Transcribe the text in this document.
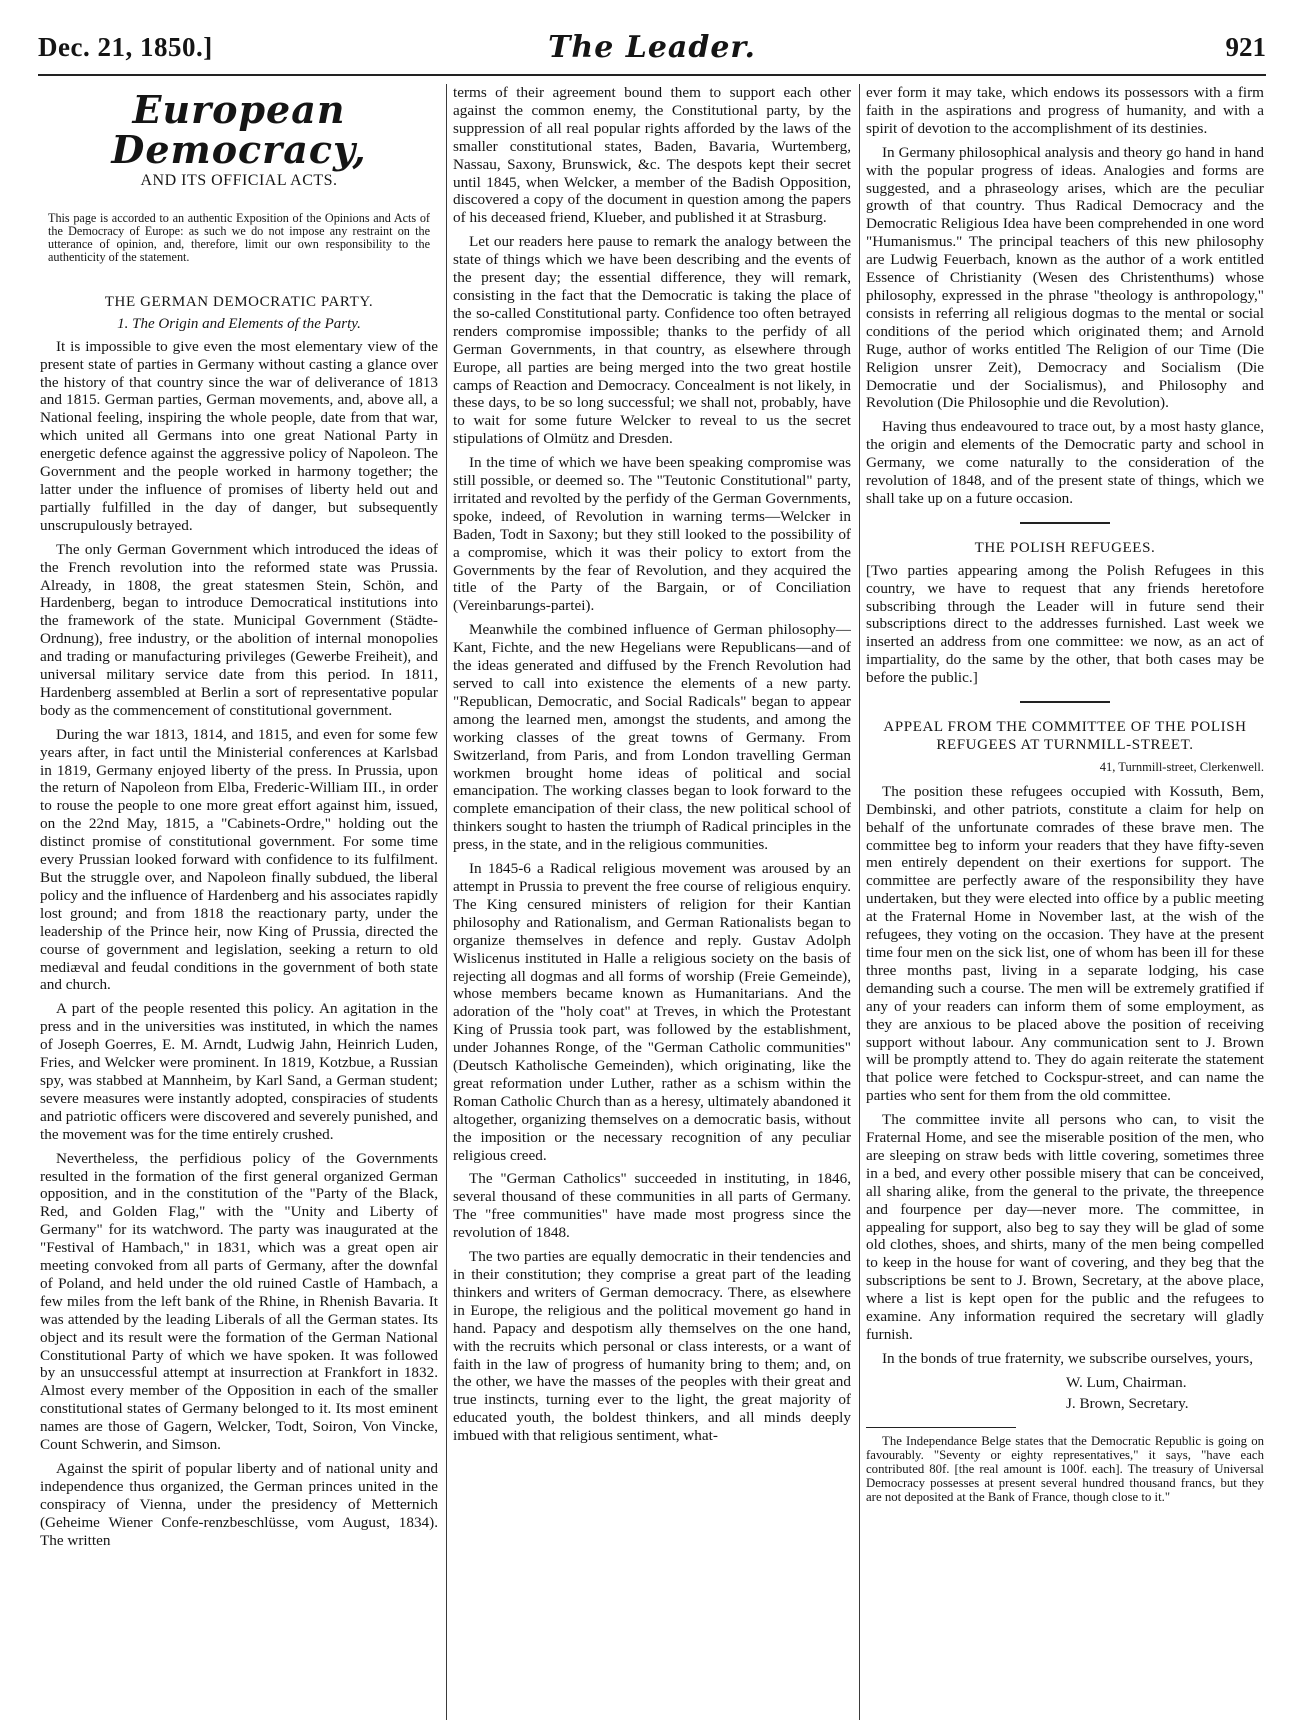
Dec. 21, 1850.]	The Leader.	921
European Democracy,
AND ITS OFFICIAL ACTS.

This page is accorded to an authentic Exposition of the Opinions and Acts of the Democracy of Europe: as such we do not impose any restraint on the utterance of opinion, and, therefore, limit our own responsibility to the authenticity of the statement.

THE GERMAN DEMOCRATIC PARTY.
1. The Origin and Elements of the Party.

It is impossible to give even the most elementary view of the present state of parties in Germany without casting a glance over the history of that country since the war of deliverance of 1813 and 1815. German parties, German movements, and, above all, a National feeling, inspiring the whole people, date from that war, which united all Germans into one great National Party in energetic defence against the aggressive policy of Napoleon. The Government and the people worked in harmony together; the latter under the influence of promises of liberty held out and partially fulfilled in the day of danger, but subsequently unscrupulously betrayed.

The only German Government which introduced the ideas of the French revolution into the reformed state was Prussia. Already, in 1808, the great statesmen Stein, Schön, and Hardenberg, began to introduce Democratical institutions into the framework of the state. Municipal Government (Städte-Ordnung), free industry, or the abolition of internal monopolies and trading or manufacturing privileges (Gewerbe Freiheit), and universal military service date from this period. In 1811, Hardenberg assembled at Berlin a sort of representative popular body as the commencement of constitutional government.

During the war 1813, 1814, and 1815, and even for some few years after, in fact until the Ministerial conferences at Karlsbad in 1819, Germany enjoyed liberty of the press. In Prussia, upon the return of Napoleon from Elba, Frederic-William III., in order to rouse the people to one more great effort against him, issued, on the 22nd May, 1815, a "Cabinets-Ordre," holding out the distinct promise of constitutional government. For some time every Prussian looked forward with confidence to its fulfilment. But the struggle over, and Napoleon finally subdued, the liberal policy and the influence of Hardenberg and his associates rapidly lost ground; and from 1818 the reactionary party, under the leadership of the Prince heir, now King of Prussia, directed the course of government and legislation, seeking a return to old mediæval and feudal conditions in the government of both state and church.

A part of the people resented this policy. An agitation in the press and in the universities was instituted, in which the names of Joseph Goerres, E. M. Arndt, Ludwig Jahn, Heinrich Luden, Fries, and Welcker were prominent. In 1819, Kotzbue, a Russian spy, was stabbed at Mannheim, by Karl Sand, a German student; severe measures were instantly adopted, conspiracies of students and patriotic officers were discovered and severely punished, and the movement was for the time entirely crushed.

Nevertheless, the perfidious policy of the Governments resulted in the formation of the first general organized German opposition, and in the constitution of the "Party of the Black, Red, and Golden Flag," with the "Unity and Liberty of Germany" for its watchword. The party was inaugurated at the "Festival of Hambach," in 1831, which was a great open air meeting convoked from all parts of Germany, after the downfal of Poland, and held under the old ruined Castle of Hambach, a few miles from the left bank of the Rhine, in Rhenish Bavaria. It was attended by the leading Liberals of all the German states. Its object and its result were the formation of the German National Constitutional Party of which we have spoken. It was followed by an unsuccessful attempt at insurrection at Frankfort in 1832. Almost every member of the Opposition in each of the smaller constitutional states of Germany belonged to it. Its most eminent names are those of Gagern, Welcker, Todt, Soiron, Von Vincke, Count Schwerin, and Simson.

Against the spirit of popular liberty and of national unity and independence thus organized, the German princes united in the conspiracy of Vienna, under the presidency of Metternich (Geheime Wiener Confe-renzbeschlüsse, vom August, 1834). The written

terms of their agreement bound them to support each other against the common enemy, the Constitutional party, by the suppression of all real popular rights afforded by the laws of the smaller constitutional states, Baden, Bavaria, Wurtemberg, Nassau, Saxony, Brunswick, &c. The despots kept their secret until 1845, when Welcker, a member of the Badish Opposition, discovered a copy of the document in question among the papers of his deceased friend, Klueber, and published it at Strasburg.

Let our readers here pause to remark the analogy between the state of things which we have been describing and the events of the present day; the essential difference, they will remark, consisting in the fact that the Democratic is taking the place of the so-called Constitutional party. Confidence too often betrayed renders compromise impossible; thanks to the perfidy of all German Governments, in that country, as elsewhere through Europe, all parties are being merged into the two great hostile camps of Reaction and Democracy. Concealment is not likely, in these days, to be so long successful; we shall not, probably, have to wait for some future Welcker to reveal to us the secret stipulations of Olmütz and Dresden.

In the time of which we have been speaking compromise was still possible, or deemed so. The "Teutonic Constitutional" party, irritated and revolted by the perfidy of the German Governments, spoke, indeed, of Revolution in warning terms—Welcker in Baden, Todt in Saxony; but they still looked to the possibility of a compromise, which it was their policy to extort from the Governments by the fear of Revolution, and they acquired the title of the Party of the Bargain, or of Conciliation (Vereinbarungs-partei).

Meanwhile the combined influence of German philosophy—Kant, Fichte, and the new Hegelians were Republicans—and of the ideas generated and diffused by the French Revolution had served to call into existence the elements of a new party. "Republican, Democratic, and Social Radicals" began to appear among the learned men, amongst the students, and among the working classes of the great towns of Germany. From Switzerland, from Paris, and from London travelling German workmen brought home ideas of political and social emancipation. The working classes began to look forward to the complete emancipation of their class, the new political school of thinkers sought to hasten the triumph of Radical principles in the press, in the state, and in the religious communities.

In 1845-6 a Radical religious movement was aroused by an attempt in Prussia to prevent the free course of religious enquiry. The King censured ministers of religion for their Kantian philosophy and Rationalism, and German Rationalists began to organize themselves in defence and reply. Gustav Adolph Wislicenus instituted in Halle a religious society on the basis of rejecting all dogmas and all forms of worship (Freie Gemeinde), whose members became known as Humanitarians. And the adoration of the "holy coat" at Treves, in which the Protestant King of Prussia took part, was followed by the establishment, under Johannes Ronge, of the "German Catholic communities" (Deutsch Katholische Gemeinden), which originating, like the great reformation under Luther, rather as a schism within the Roman Catholic Church than as a heresy, ultimately abandoned it altogether, organizing themselves on a democratic basis, without the imposition or the necessary recognition of any peculiar religious creed.

The "German Catholics" succeeded in instituting, in 1846, several thousand of these communities in all parts of Germany. The "free communities" have made most progress since the revolution of 1848.

The two parties are equally democratic in their tendencies and in their constitution; they comprise a great part of the leading thinkers and writers of German democracy. There, as elsewhere in Europe, the religious and the political movement go hand in hand. Papacy and despotism ally themselves on the one hand, with the recruits which personal or class interests, or a want of faith in the law of progress of humanity bring to them; and, on the other, we have the masses of the peoples with their great and true instincts, turning ever to the light, the great majority of educated youth, the boldest thinkers, and all minds deeply imbued with that religious sentiment, what-

ever form it may take, which endows its possessors with a firm faith in the aspirations and progress of humanity, and with a spirit of devotion to the accomplishment of its destinies.

In Germany philosophical analysis and theory go hand in hand with the popular progress of ideas. Analogies and forms are suggested, and a phraseology arises, which are the peculiar growth of that country. Thus Radical Democracy and the Democratic Religious Idea have been comprehended in one word "Humanismus." The principal teachers of this new philosophy are Ludwig Feuerbach, known as the author of a work entitled Essence of Christianity (Wesen des Christenthums) whose philosophy, expressed in the phrase "theology is anthropology," consists in referring all religious dogmas to the mental or social conditions of the period which originated them; and Arnold Ruge, author of works entitled The Religion of our Time (Die Religion unsrer Zeit), Democracy and Socialism (Die Democratie und der Socialismus), and Philosophy and Revolution (Die Philosophie und die Revolution).

Having thus endeavoured to trace out, by a most hasty glance, the origin and elements of the Democratic party and school in Germany, we come naturally to the consideration of the revolution of 1848, and of the present state of things, which we shall take up on a future occasion.

THE POLISH REFUGEES.

[Two parties appearing among the Polish Refugees in this country, we have to request that any friends heretofore subscribing through the Leader will in future send their subscriptions direct to the addresses furnished. Last week we inserted an address from one committee: we now, as an act of impartiality, do the same by the other, that both cases may be before the public.]

APPEAL FROM THE COMMITTEE OF THE POLISH REFUGEES AT TURNMILL-STREET.
41, Turnmill-street, Clerkenwell.

The position these refugees occupied with Kossuth, Bem, Dembinski, and other patriots, constitute a claim for help on behalf of the unfortunate comrades of these brave men. The committee beg to inform your readers that they have fifty-seven men entirely dependent on their exertions for support. The committee are perfectly aware of the responsibility they have undertaken, but they were elected into office by a public meeting at the Fraternal Home in November last, at the wish of the refugees, they voting on the occasion. They have at the present time four men on the sick list, one of whom has been ill for these three months past, living in a separate lodging, his case demanding such a course. The men will be extremely gratified if any of your readers can inform them of some employment, as they are anxious to be placed above the position of receiving support without labour. Any communication sent to J. Brown will be promptly attend to. They do again reiterate the statement that police were fetched to Cockspur-street, and can name the parties who sent for them from the old committee.

The committee invite all persons who can, to visit the Fraternal Home, and see the miserable position of the men, who are sleeping on straw beds with little covering, sometimes three in a bed, and every other possible misery that can be conceived, all sharing alike, from the general to the private, the threepence and fourpence per day—never more. The committee, in appealing for support, also beg to say they will be glad of some old clothes, shoes, and shirts, many of the men being compelled to keep in the house for want of covering, and they beg that the subscriptions be sent to J. Brown, Secretary, at the above place, where a list is kept open for the public and the refugees to examine. Any information required the secretary will gladly furnish.

In the bonds of true fraternity, we subscribe ourselves, yours,

W. Lum, Chairman.
J. Brown, Secretary.

The Independance Belge states that the Democratic Republic is going on favourably. "Seventy or eighty representatives," it says, "have each contributed 80f. [the real amount is 100f. each]. The treasury of Universal Democracy possesses at present several hundred thousand francs, but they are not deposited at the Bank of France, though close to it."
